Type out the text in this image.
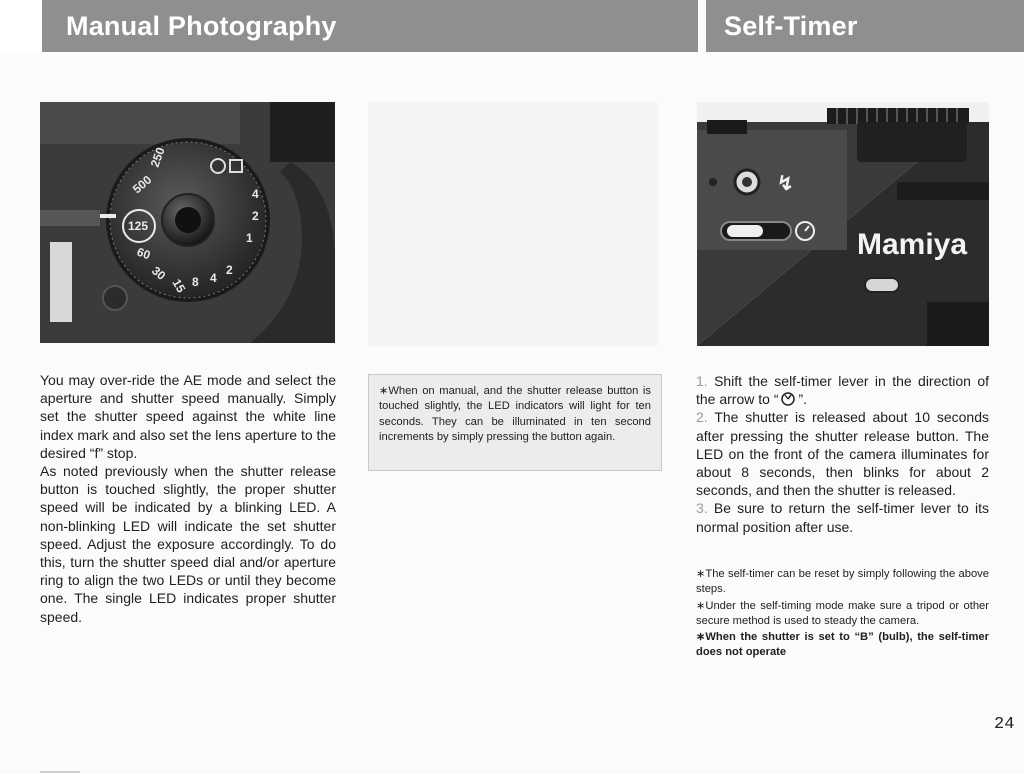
Manual Photography	Self-Timer
125
500
250
60
30
15 8 4
2
1
2
4	↯
Mamiya

You may over-ride the AE mode and select the aperture and shutter speed manually. Simply set the shutter speed against the white line index mark and also set the lens aperture to the desired “f” stop.

As noted previously when the shutter release button is touched slightly, the proper shutter speed will be indicated by a blinking LED. A non-blinking LED will indicate the set shutter speed. Adjust the exposure accordingly. To do this, turn the shutter speed dial and/or aperture ring to align the two LEDs or until they become one. The single LED indicates proper shutter speed.

∗When on manual, and the shutter release button is touched slightly, the LED indicators will light for ten seconds. They can be illuminated in ten second increments by simply pressing the button again.

1. Shift the self-timer lever in the direction of the arrow to “ ”.

2. The shutter is released about 10 seconds after pressing the shutter release button. The LED on the front of the camera illuminates for about 8 seconds, then blinks for about 2 seconds, and then the shutter is released.

3. Be sure to return the self-timer lever to its normal position after use.

∗The self-timer can be reset by simply following the above steps.

∗Under the self-timing mode make sure a tripod or other secure method is used to steady the camera.

∗When the shutter is set to “B” (bulb), the self-timer does not operate

24
